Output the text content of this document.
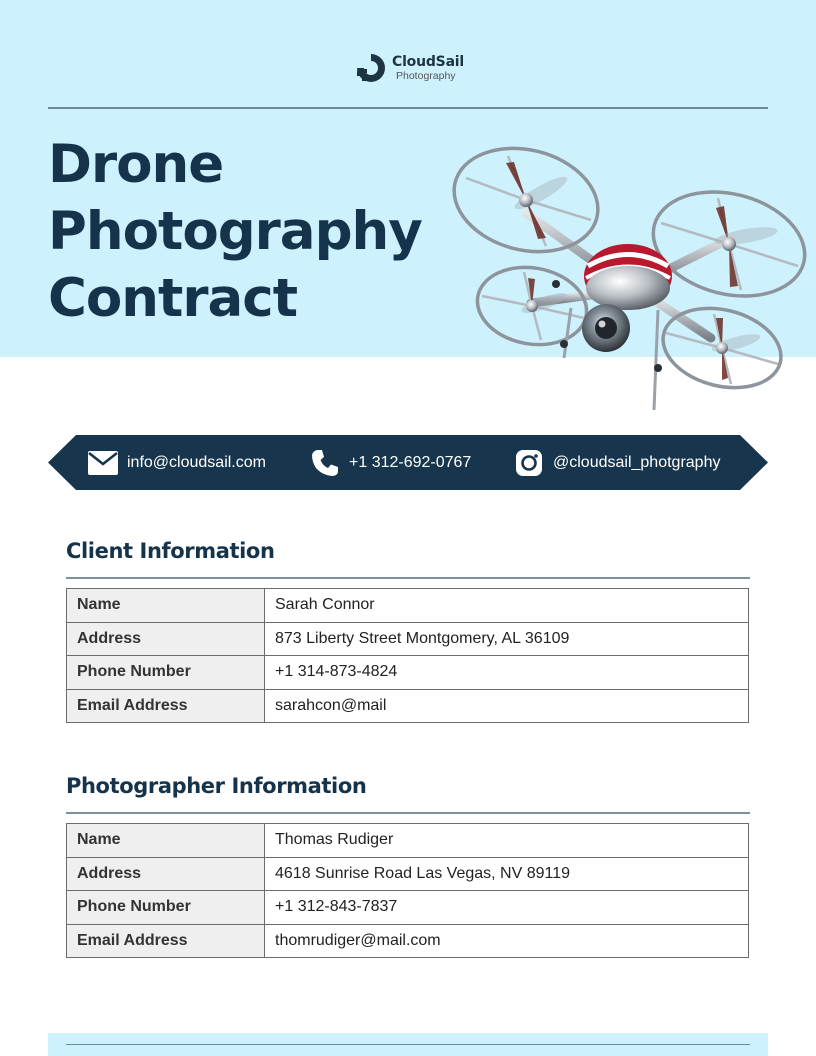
CloudSail
Photography
Drone
Photography
Contract
info@cloudsail.com	+1 312-692-0767	@cloudsail_photgraphy
Client Information
Name	Sarah Connor
Address	873 Liberty Street Montgomery, AL 36109
Phone Number	+1 314-873-4824
Email Address	sarahcon@mail
Photographer Information
Name	Thomas Rudiger
Address	4618 Sunrise Road Las Vegas, NV 89119
Phone Number	+1 312-843-7837
Email Address	thomrudiger@mail.com
